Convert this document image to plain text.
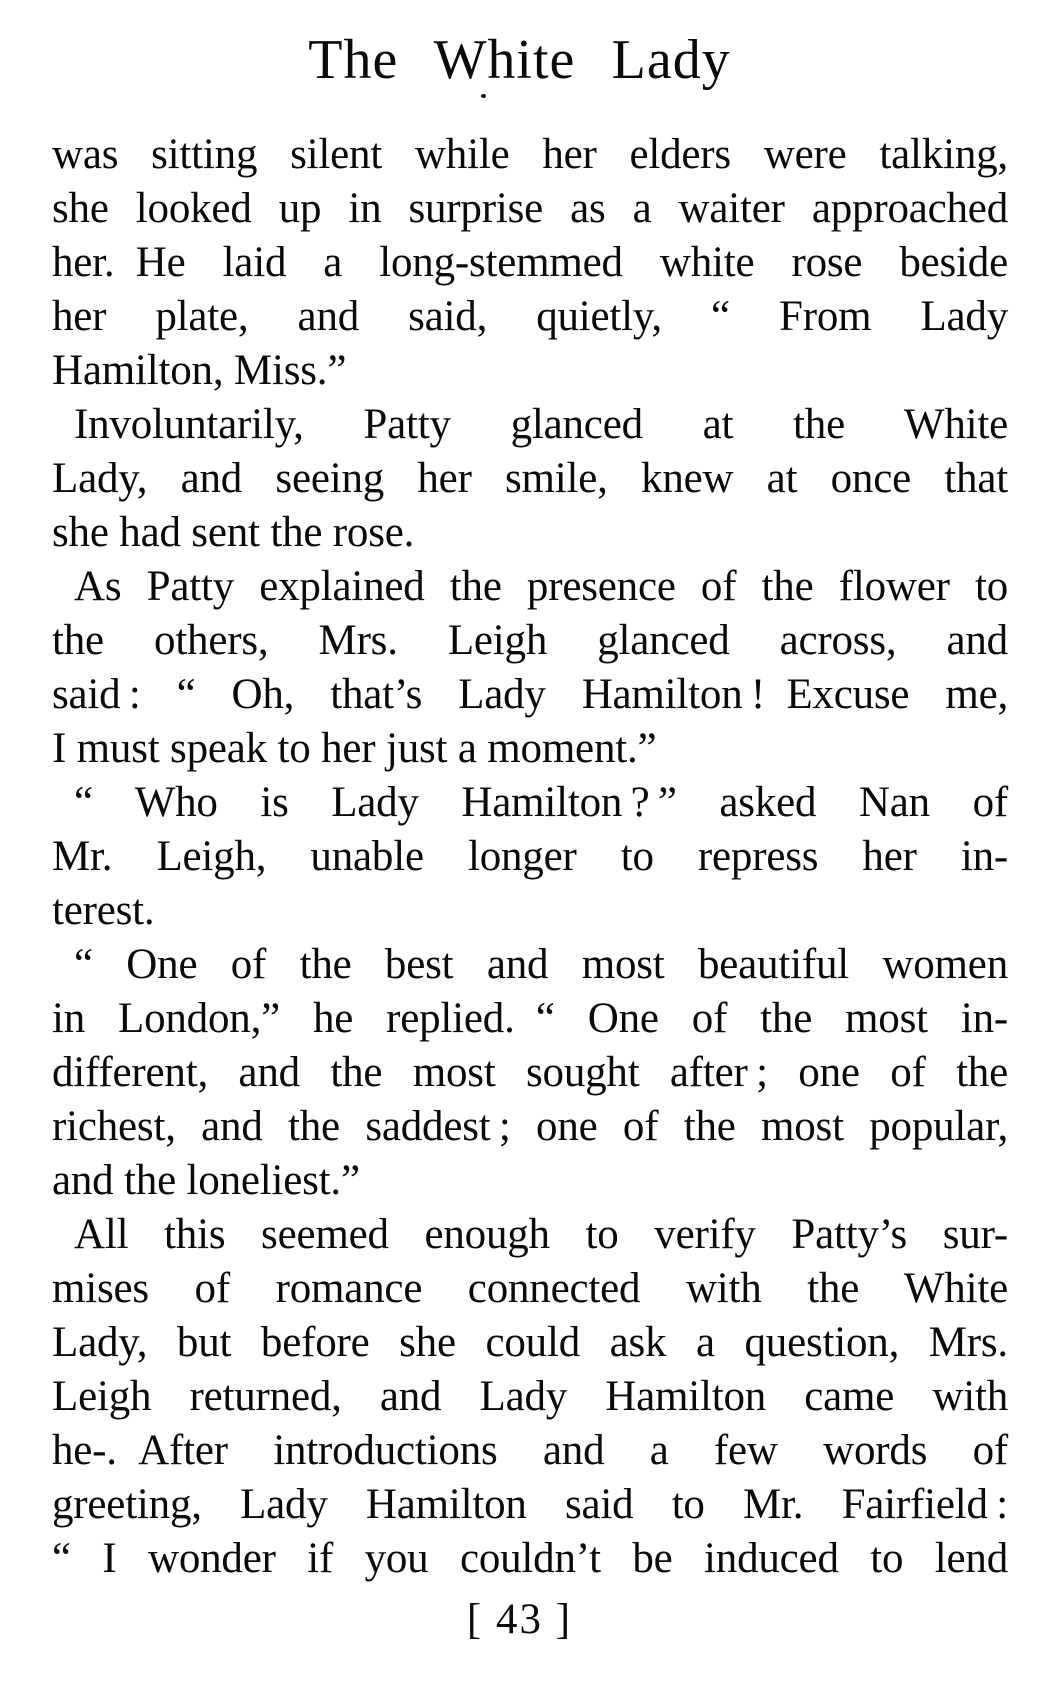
The White Lady
was sitting silent while her elders were talking,
she looked up in surprise as a waiter approached
her. He laid a long-stemmed white rose beside
her plate, and said, quietly, “ From Lady
Hamilton, Miss.”
Involuntarily, Patty glanced at the White
Lady, and seeing her smile, knew at once that
she had sent the rose.
As Patty explained the presence of the flower to
the others, Mrs. Leigh glanced across, and
said : “ Oh, that’s Lady Hamilton ! Excuse me,
I must speak to her just a moment.”
“ Who is Lady Hamilton ? ” asked Nan of
Mr. Leigh, unable longer to repress her in-
terest.
“ One of the best and most beautiful women
in London,” he replied. “ One of the most in-
different, and the most sought after ; one of the
richest, and the saddest ; one of the most popular,
and the loneliest.”
All this seemed enough to verify Patty’s sur-
mises of romance connected with the White
Lady, but before she could ask a question, Mrs.
Leigh returned, and Lady Hamilton came with
he-. After introductions and a few words of
greeting, Lady Hamilton said to Mr. Fairfield :
“ I wonder if you couldn’t be induced to lend
[ 43 ]
